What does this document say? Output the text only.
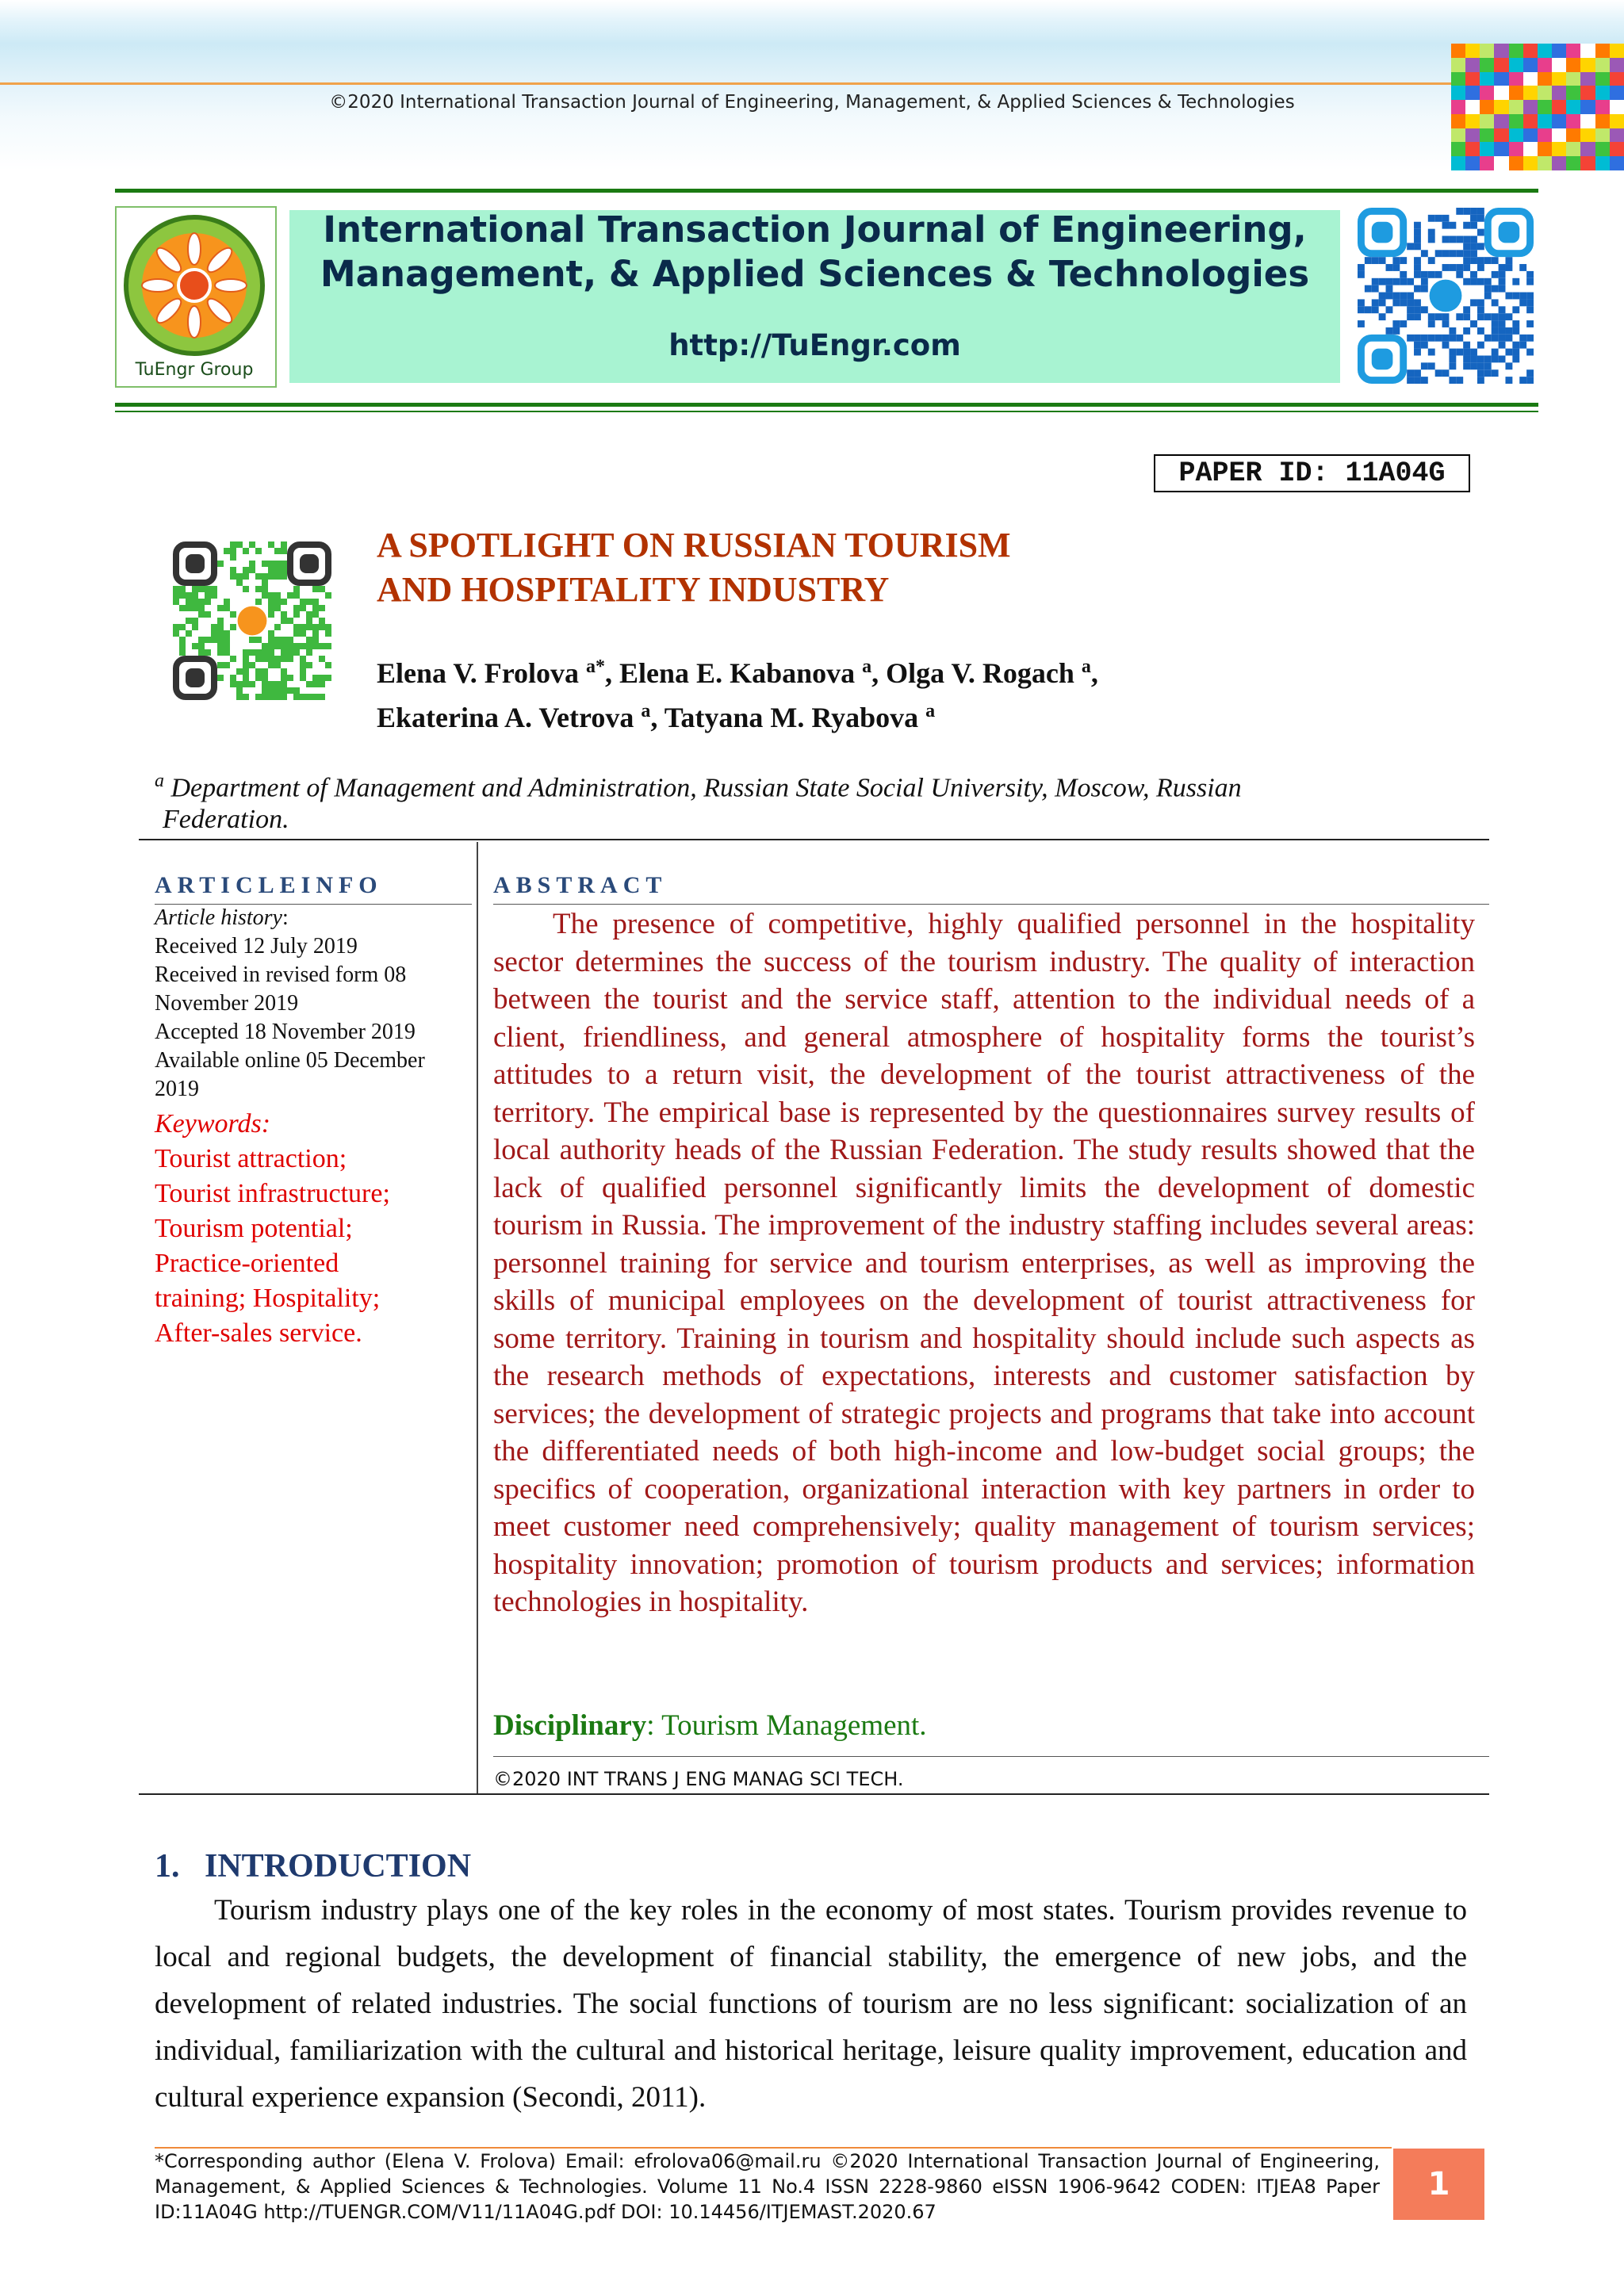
©2020 International Transaction Journal of Engineering, Management, & Applied Sciences & Technologies
TuEngr Group
International Transaction Journal of Engineering,
Management, & Applied Sciences & Technologies
http://TuEngr.com
PAPER ID: 11A04G
A SPOTLIGHT ON RUSSIAN TOURISM
AND HOSPITALITY INDUSTRY
Elena V. Frolova $^{a*}$, Elena E. Kabanova $^a$, Olga V. Rogach $^a$,
Ekaterina A. Vetrova $^a$, Tatyana M. Ryabova $^a$
$^a$ Department of Management and Administration, Russian State Social University, Moscow, Russian
Federation.
ARTICLEINFO	ABSTRACT
Article history:
Received 12 July 2019
Received in revised form 08
November 2019
Accepted 18 November 2019
Available online 05 December
2019
Keywords:
Tourist attraction;
Tourist infrastructure;
Tourism potential;
Practice-oriented
training; Hospitality;
After-sales service.
The presence of competitive, highly qualified personnel in the hospitality sector determines the success of the tourism industry. The quality of interaction between the tourist and the service staff, attention to the individual needs of a client, friendliness, and general atmosphere of hospitality forms the tourist’s attitudes to a return visit, the development of the tourist attractiveness of the territory. The empirical base is represented by the questionnaires survey results of local authority heads of the Russian Federation. The study results showed that the lack of qualified personnel significantly limits the development of domestic tourism in Russia. The improvement of the industry staffing includes several areas: personnel training for service and tourism enterprises, as well as improving the skills of municipal employees on the development of tourist attractiveness for some territory. Training in tourism and hospitality should include such aspects as the research methods of expectations, interests and customer satisfaction by services; the development of strategic projects and programs that take into account the differentiated needs of both high-income and low-budget social groups; the specifics of cooperation, organizational interaction with key partners in order to meet customer need comprehensively; quality management of tourism services; hospitality innovation; promotion of tourism products and services; information technologies in hospitality.
Disciplinary: Tourism Management.
©2020 INT TRANS J ENG MANAG SCI TECH.
1.   INTRODUCTION
Tourism industry plays one of the key roles in the economy of most states. Tourism provides revenue to local and regional budgets, the development of financial stability, the emergence of new jobs, and the development of related industries. The social functions of tourism are no less significant: socialization of an individual, familiarization with the cultural and historical heritage, leisure quality improvement, education and cultural experience expansion (Secondi, 2011).
*Corresponding author (Elena V. Frolova) Email: efrolova06@mail.ru ©2020 International Transaction Journal of Engineering, Management, & Applied Sciences & Technologies. Volume 11 No.4 ISSN 2228-9860 eISSN 1906-9642 CODEN: ITJEA8 Paper ID:11A04G http://TUENGR.COM/V11/11A04G.pdf DOI: 10.14456/ITJEMAST.2020.67
1
